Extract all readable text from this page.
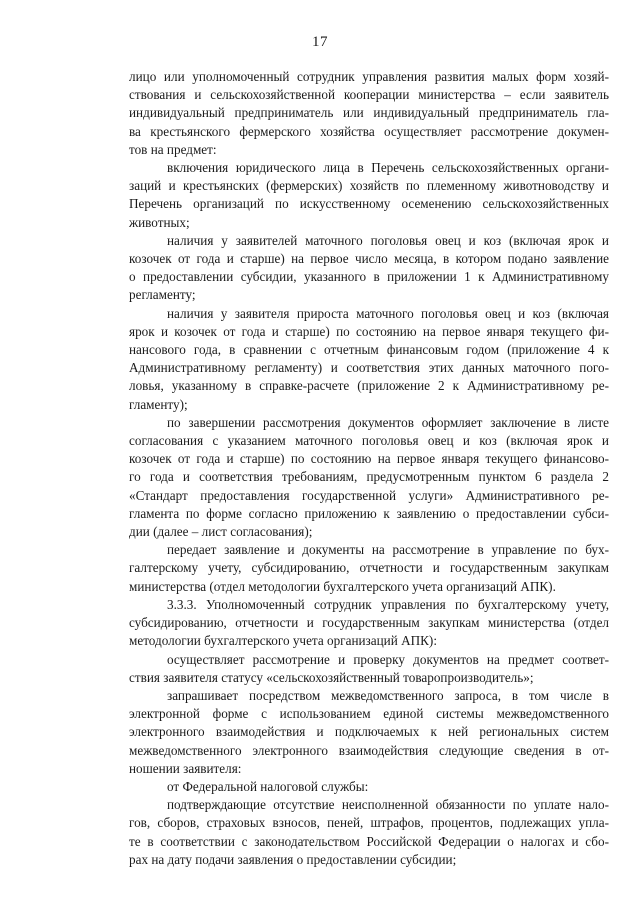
17
лицо или уполномоченный сотрудник управления развития малых форм хозяй-
ствования и сельскохозяйственной кооперации министерства – если заявитель
индивидуальный предприниматель или индивидуальный предприниматель гла-
ва крестьянского фермерского хозяйства осуществляет рассмотрение докумен-
тов на предмет:
включения юридического лица в Перечень сельскохозяйственных органи-
заций и крестьянских (фермерских) хозяйств по племенному животноводству и
Перечень организаций по искусственному осеменению сельскохозяйственных
животных;
наличия у заявителей маточного поголовья овец и коз (включая ярок и
козочек от года и старше) на первое число месяца, в котором подано заявление
о предоставлении субсидии, указанного в приложении 1 к Административному
регламенту;
наличия у заявителя прироста маточного поголовья овец и коз (включая
ярок и козочек от года и старше) по состоянию на первое января текущего фи-
нансового года, в сравнении с отчетным финансовым годом (приложение 4 к
Административному регламенту) и соответствия этих данных маточного пого-
ловья, указанному в справке-расчете (приложение 2 к Административному ре-
гламенту);
по завершении рассмотрения документов оформляет заключение в листе
согласования с указанием маточного поголовья овец и коз (включая ярок и
козочек от года и старше) по состоянию на первое января текущего финансово-
го года и соответствия требованиям, предусмотренным пунктом 6 раздела 2
«Стандарт предоставления государственной услуги» Административного ре-
гламента по форме согласно приложению к заявлению о предоставлении субси-
дии (далее – лист согласования);
передает заявление и документы на рассмотрение в управление по бух-
галтерскому учету, субсидированию, отчетности и государственным закупкам
министерства (отдел методологии бухгалтерского учета организаций АПК).
3.3.3. Уполномоченный сотрудник управления по бухгалтерскому учету,
субсидированию, отчетности и государственным закупкам министерства (отдел
методологии бухгалтерского учета организаций АПК):
осуществляет рассмотрение и проверку документов на предмет соответ-
ствия заявителя статусу «сельскохозяйственный товаропроизводитель»;
запрашивает посредством межведомственного запроса, в том числе в
электронной форме с использованием единой системы межведомственного
электронного взаимодействия и подключаемых к ней региональных систем
межведомственного электронного взаимодействия следующие сведения в от-
ношении заявителя:
от Федеральной налоговой службы:
подтверждающие отсутствие неисполненной обязанности по уплате нало-
гов, сборов, страховых взносов, пеней, штрафов, процентов, подлежащих упла-
те в соответствии с законодательством Российской Федерации о налогах и сбо-
рах на дату подачи заявления о предоставлении субсидии;
